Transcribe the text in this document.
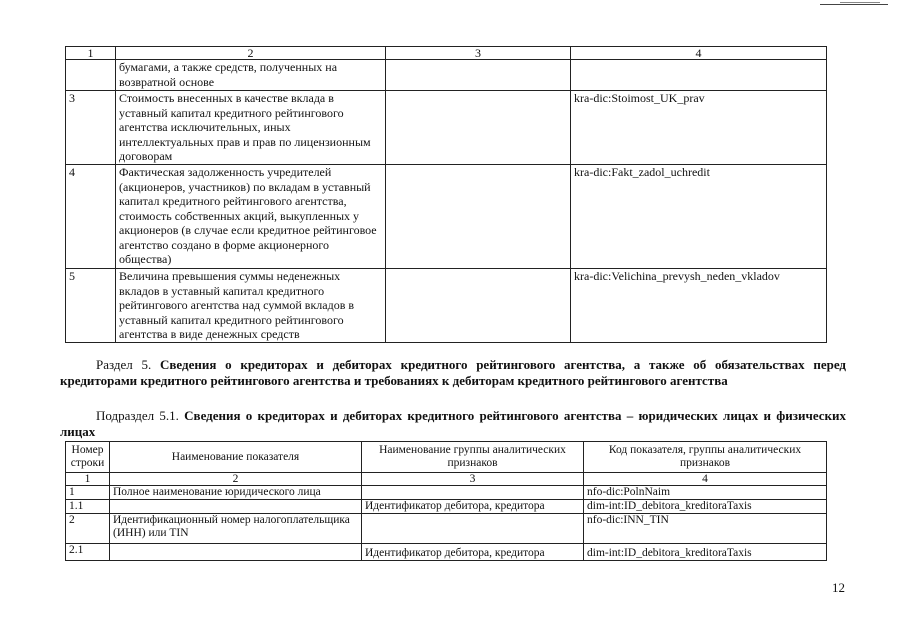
1	2	3	4
	бумагами, а также средств, полученных на возвратной основе		
3	Стоимость внесенных в качестве вклада в уставный капитал кредитного рейтингового агентства исключительных, иных интеллектуальных прав и прав по лицензионным договорам		kra-dic:Stoimost_UK_prav
4	Фактическая задолженность учредителей (акционеров, участников) по вкладам в уставный капитал кредитного рейтингового агентства, стоимость собственных акций, выкупленных у акционеров (в случае если кредитное рейтинговое агентство создано в форме акционерного общества)		kra-dic:Fakt_zadol_uchredit
5	Величина превышения суммы неденежных вкладов в уставный капитал кредитного рейтингового агентства над суммой вкладов в уставный капитал кредитного рейтингового агентства в виде денежных средств		kra-dic:Velichina_prevysh_neden_vkladov
Раздел 5. Сведения о кредиторах и дебиторах кредитного рейтингового агентства, а также об обязательствах перед кредиторами кредитного рейтингового агентства и требованиях к дебиторам кредитного рейтингового агентства
Подраздел 5.1. Сведения о кредиторах и дебиторах кредитного рейтингового агентства – юридических лицах и физических лицах
Номер строки	Наименование показателя	Наименование группы аналитических признаков	Код показателя, группы аналитических признаков
1	2	3	4
1	Полное наименование юридического лица		nfo-dic:PolnNaim
1.1		Идентификатор дебитора, кредитора	dim-int:ID_debitora_kreditoraTaxis
2	Идентификационный номер налогоплательщика (ИНН) или TIN		nfo-dic:INN_TIN
2.1		Идентификатор дебитора, кредитора	dim-int:ID_debitora_kreditoraTaxis
12
